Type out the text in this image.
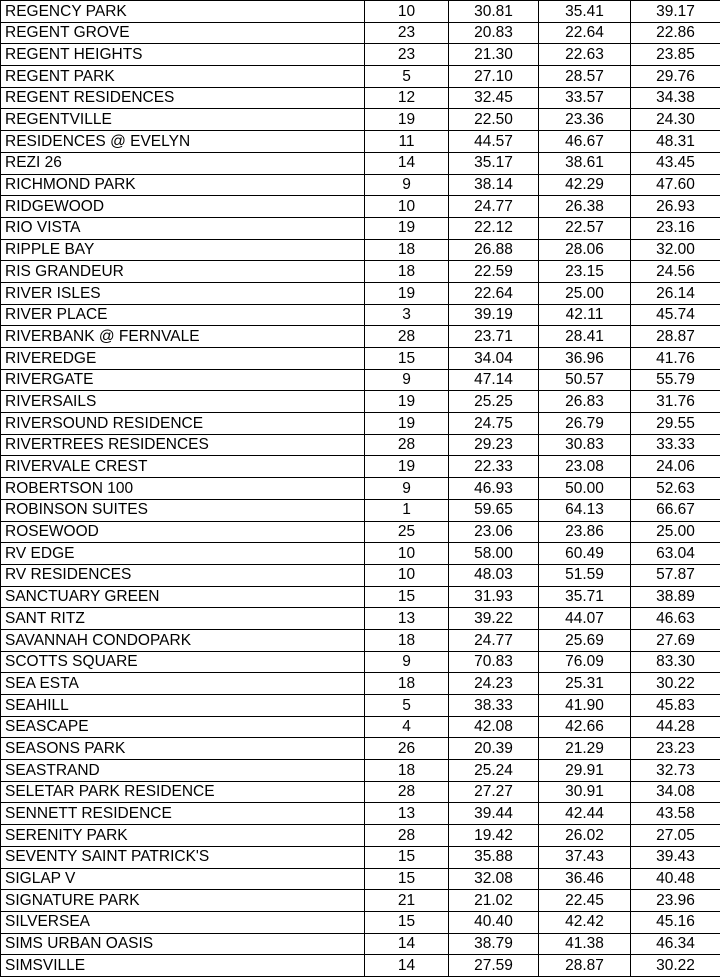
REGENCY PARK	10	30.81	35.41	39.17
REGENT GROVE	23	20.83	22.64	22.86
REGENT HEIGHTS	23	21.30	22.63	23.85
REGENT PARK	5	27.10	28.57	29.76
REGENT RESIDENCES	12	32.45	33.57	34.38
REGENTVILLE	19	22.50	23.36	24.30
RESIDENCES @ EVELYN	11	44.57	46.67	48.31
REZI 26	14	35.17	38.61	43.45
RICHMOND PARK	9	38.14	42.29	47.60
RIDGEWOOD	10	24.77	26.38	26.93
RIO VISTA	19	22.12	22.57	23.16
RIPPLE BAY	18	26.88	28.06	32.00
RIS GRANDEUR	18	22.59	23.15	24.56
RIVER ISLES	19	22.64	25.00	26.14
RIVER PLACE	3	39.19	42.11	45.74
RIVERBANK @ FERNVALE	28	23.71	28.41	28.87
RIVEREDGE	15	34.04	36.96	41.76
RIVERGATE	9	47.14	50.57	55.79
RIVERSAILS	19	25.25	26.83	31.76
RIVERSOUND RESIDENCE	19	24.75	26.79	29.55
RIVERTREES RESIDENCES	28	29.23	30.83	33.33
RIVERVALE CREST	19	22.33	23.08	24.06
ROBERTSON 100	9	46.93	50.00	52.63
ROBINSON SUITES	1	59.65	64.13	66.67
ROSEWOOD	25	23.06	23.86	25.00
RV EDGE	10	58.00	60.49	63.04
RV RESIDENCES	10	48.03	51.59	57.87
SANCTUARY GREEN	15	31.93	35.71	38.89
SANT RITZ	13	39.22	44.07	46.63
SAVANNAH CONDOPARK	18	24.77	25.69	27.69
SCOTTS SQUARE	9	70.83	76.09	83.30
SEA ESTA	18	24.23	25.31	30.22
SEAHILL	5	38.33	41.90	45.83
SEASCAPE	4	42.08	42.66	44.28
SEASONS PARK	26	20.39	21.29	23.23
SEASTRAND	18	25.24	29.91	32.73
SELETAR PARK RESIDENCE	28	27.27	30.91	34.08
SENNETT RESIDENCE	13	39.44	42.44	43.58
SERENITY PARK	28	19.42	26.02	27.05
SEVENTY SAINT PATRICK'S	15	35.88	37.43	39.43
SIGLAP V	15	32.08	36.46	40.48
SIGNATURE PARK	21	21.02	22.45	23.96
SILVERSEA	15	40.40	42.42	45.16
SIMS URBAN OASIS	14	38.79	41.38	46.34
SIMSVILLE	14	27.59	28.87	30.22
